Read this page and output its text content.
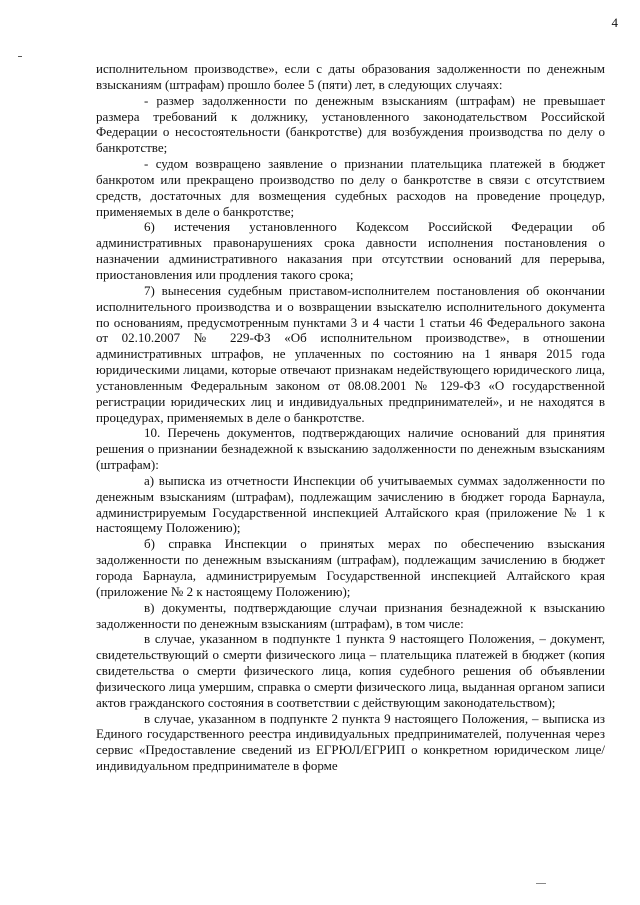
4

исполнительном производстве», если с даты образования задолженности по денежным взысканиям (штрафам) прошло более 5 (пяти) лет, в следующих случаях:

- размер задолженности по денежным взысканиям (штрафам) не превышает размера требований к должнику, установленного законодательством Российской Федерации о несостоятельности (банкротстве) для возбуждения производства по делу о банкротстве;

- судом возвращено заявление о признании плательщика платежей в бюджет банкротом или прекращено производство по делу о банкротстве в связи с отсутствием средств, достаточных для возмещения судебных расходов на проведение процедур, применяемых в деле о банкротстве;

6) истечения установленного Кодексом Российской Федерации об административных правонарушениях срока давности исполнения постановления о назначении административного наказания при отсутствии оснований для перерыва, приостановления или продления такого срока;

7) вынесения судебным приставом-исполнителем постановления об окончании исполнительного производства и о возвращении взыскателю исполнительного документа по основаниям, предусмотренным пунктами 3 и 4 части 1 статьи 46 Федерального закона от 02.10.2007 № 229-ФЗ «Об исполнительном производстве», в отношении административных штрафов, не уплаченных по состоянию на 1 января 2015 года юридическими лицами, которые отвечают признакам недействующего юридического лица, установленным Федеральным законом от 08.08.2001 № 129-ФЗ «О государственной регистрации юридических лиц и индивидуальных предпринимателей», и не находятся в процедурах, применяемых в деле о банкротстве.

10. Перечень документов, подтверждающих наличие оснований для принятия решения о признании безнадежной к взысканию задолженности по денежным взысканиям (штрафам):

а) выписка из отчетности Инспекции об учитываемых суммах задолженности по денежным взысканиям (штрафам), подлежащим зачислению в бюджет города Барнаула, администрируемым Государственной инспекцией Алтайского края (приложение № 1 к настоящему Положению);

б) справка Инспекции о принятых мерах по обеспечению взыскания задолженности по денежным взысканиям (штрафам), подлежащим зачислению в бюджет города Барнаула, администрируемым Государственной инспекцией Алтайского края (приложение № 2 к настоящему Положению);

в) документы, подтверждающие случаи признания безнадежной к взысканию задолженности по денежным взысканиям (штрафам), в том числе:

в случае, указанном в подпункте 1 пункта 9 настоящего Положения, – документ, свидетельствующий о смерти физического лица – плательщика платежей в бюджет (копия свидетельства о смерти физического лица, копия судебного решения об объявлении физического лица умершим, справка о смерти физического лица, выданная органом записи актов гражданского состояния в соответствии с действующим законодательством);

в случае, указанном в подпункте 2 пункта 9 настоящего Положения, – выписка из Единого государственного реестра индивидуальных предпринимателей, полученная через сервис «Предоставление сведений из ЕГРЮЛ/ЕГРИП о конкретном юридическом лице/ индивидуальном предпринимателе в форме
